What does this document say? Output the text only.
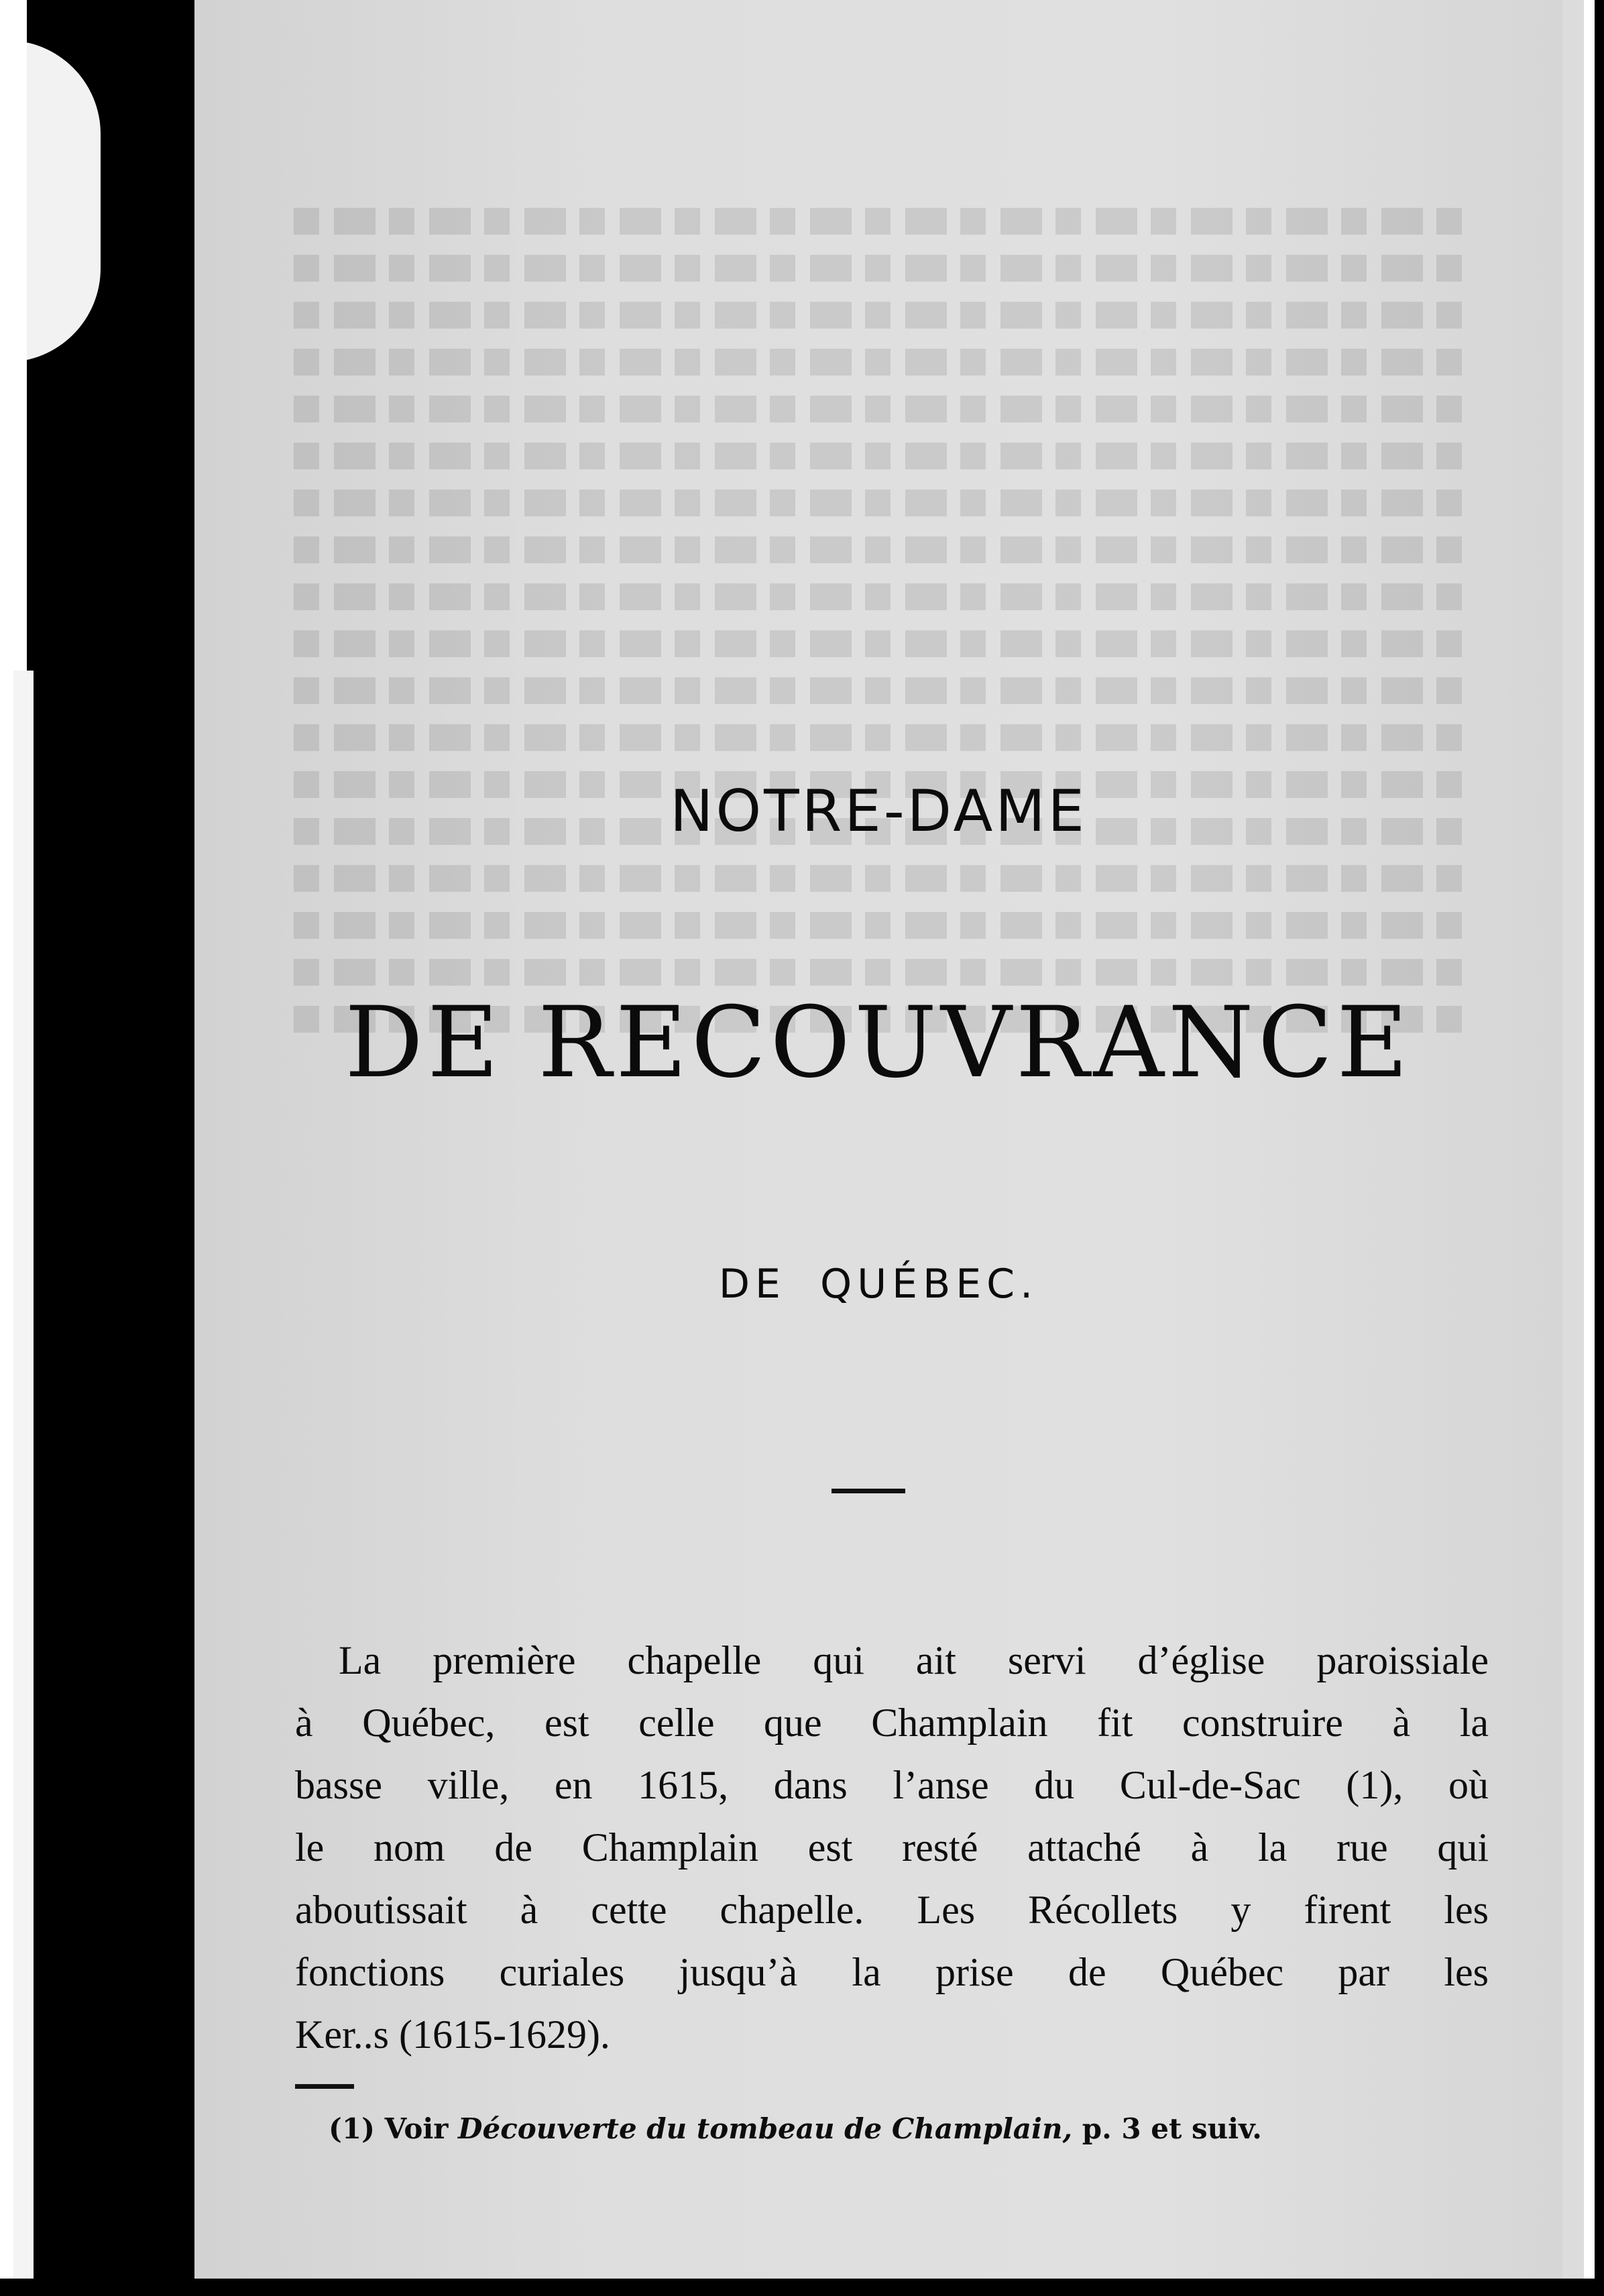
NOTRE-DAME
DE RECOUVRANCE
DE QUÉBEC.
La première chapelle qui ait servi d’église paroissiale
à Québec, est celle que Champlain fit construire à la
basse ville, en 1615, dans l’anse du Cul-de-Sac (1), où
le nom de Champlain est resté attaché à la rue qui
aboutissait à cette chapelle. Les Récollets y firent les
fonctions curiales jusqu’à la prise de Québec par les
Ker..s (1615-1629).
(1) Voir Découverte du tombeau de Champlain, p. 3 et suiv.
